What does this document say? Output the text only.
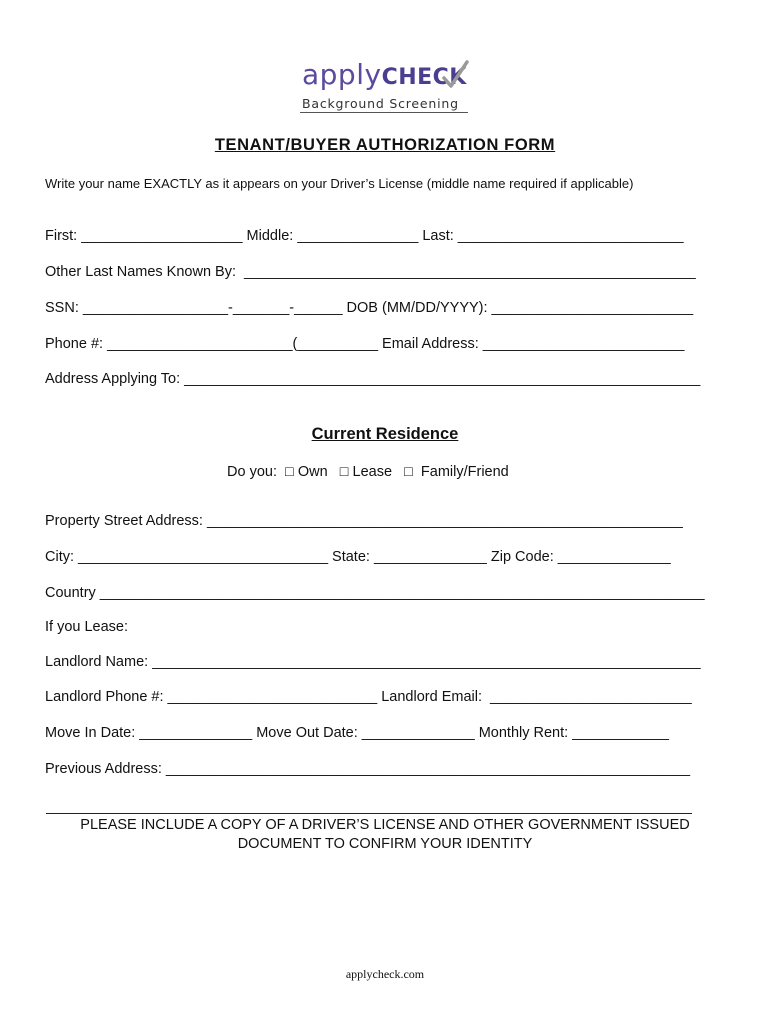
applyCHECK
Background Screening
TENANT/BUYER AUTHORIZATION FORM
Write your name EXACTLY as it appears on your Driver’s License (middle name required if applicable)
First: ____________________ Middle: _______________ Last: ____________________________
Other Last Names Known By:  ________________________________________________________
SSN: __________________-_______-______ DOB (MM/DD/YYYY): _________________________
Phone #: _______________________(__________ Email Address: _________________________
Address Applying To: ________________________________________________________________
Current Residence
Do you:  □ Own   □ Lease   □  Family/Friend
Property Street Address: ___________________________________________________________
City: _______________________________ State: ______________ Zip Code: ______________
Country ___________________________________________________________________________
If you Lease:
Landlord Name: ____________________________________________________________________
Landlord Phone #: __________________________ Landlord Email:  _________________________
Move In Date: ______________ Move Out Date: ______________ Monthly Rent: ____________
Previous Address: _________________________________________________________________
PLEASE INCLUDE A COPY OF A DRIVER’S LICENSE AND OTHER GOVERNMENT ISSUED
DOCUMENT TO CONFIRM YOUR IDENTITY
applycheck.com
